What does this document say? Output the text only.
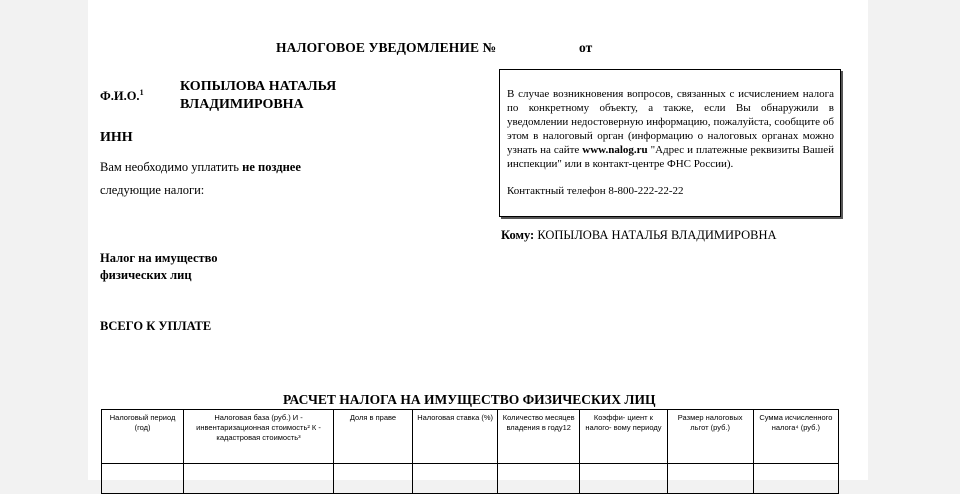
НАЛОГОВОЕ УВЕДОМЛЕНИЕ №	от
Ф.И.О.$^1$	КОПЫЛОВА НАТАЛЬЯ ВЛАДИМИРОВНА
ИНН
Вам необходимо уплатить не позднее
следующие налоги:
Налог на имущество физических лиц
ВСЕГО К УПЛАТЕ
В случае возникновения вопросов, связанных с исчислением налога по конкретному объекту, а также, если Вы обнаружили в уведомлении недостоверную информацию, пожалуйста, сообщите об этом в налоговый орган (информацию о налоговых органах можно узнать на сайте www.nalog.ru "Адрес и платежные реквизиты Вашей инспекции" или в контакт-центре ФНС России).
Контактный телефон 8-800-222-22-22
Кому: КОПЫЛОВА НАТАЛЬЯ ВЛАДИМИРОВНА
РАСЧЕТ НАЛОГА НА ИМУЩЕСТВО ФИЗИЧЕСКИХ ЛИЦ
Налоговый период (год)	Налоговая база (руб.) И - инвентаризационная стоимость² К - кадастровая стоимость³	Доля в праве	Налоговая ставка (%)	Количество месяцев владения в году12	Коэффи- циент к налого- вому периоду	Размер налоговых льгот (руб.)	Сумма исчисленного налога⁴ (руб.)
